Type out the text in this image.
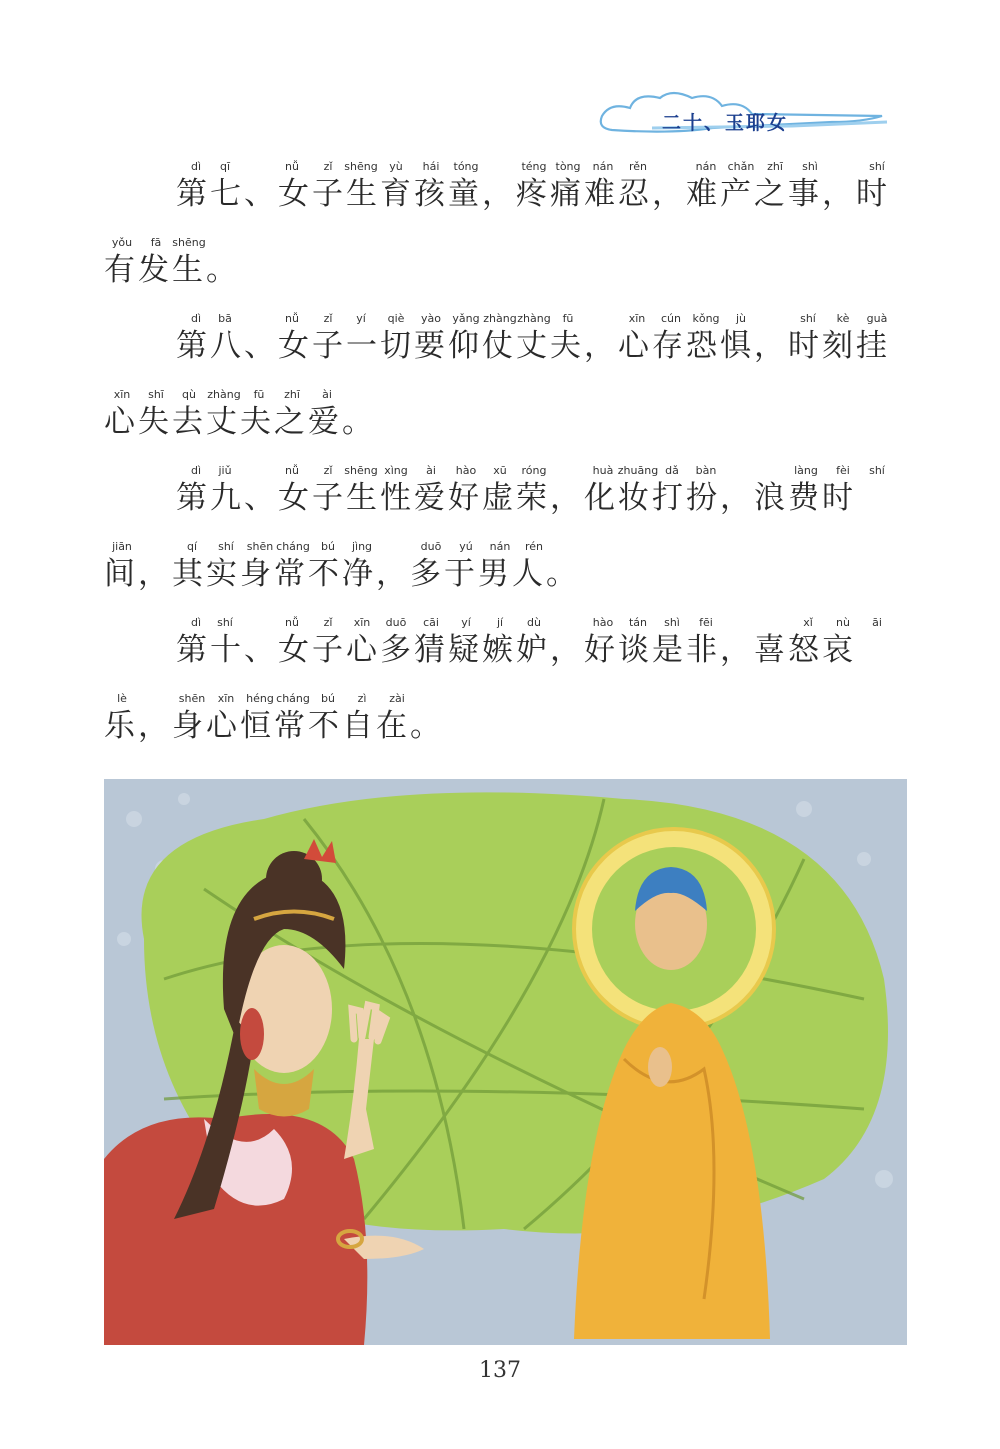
二十、玉耶女
dì	qī	nǚ	zǐ	shēng	yù	hái	tóng	téng tòng	nán	rěn	nán	chǎn	zhī	shì	shí
第七、女子生育孩童，疼痛难忍，难产之事，时
yǒu	fā shēng
有发生。
dì	bā	nǚ	zǐ	yí	qiè	yào	yǎng zhàng zhàng	fū	xīn	cún	kǒng	jù	shí	kè	guà
第八、女子一切要仰仗丈夫，心存恐惧，时刻挂
xīn	shī	qù	zhàng	fū	zhī	ài
心失去丈夫之爱。
dì	jiǔ	nǚ	zǐ	shēng xìng	ài	hào	xū	róng	huà zhuāng dǎ	bàn	làng	fèi	shí
第九、女子生性爱好虚荣，化妆打扮，浪费时
jiān	qí	shí	shēn cháng	bú	jìng	duō	yú	nán	rén
间，其实身常不净，多于男人。
dì	shí	nǚ	zǐ	xīn	duō	cāi	yí	jí	dù	hào	tán	shì	fēi	xǐ	nù	āi
第十、女子心多猜疑嫉妒，好谈是非，喜怒哀
lè	shēn	xīn	héng cháng	bú	zì	zài
乐，身心恒常不自在。
137
